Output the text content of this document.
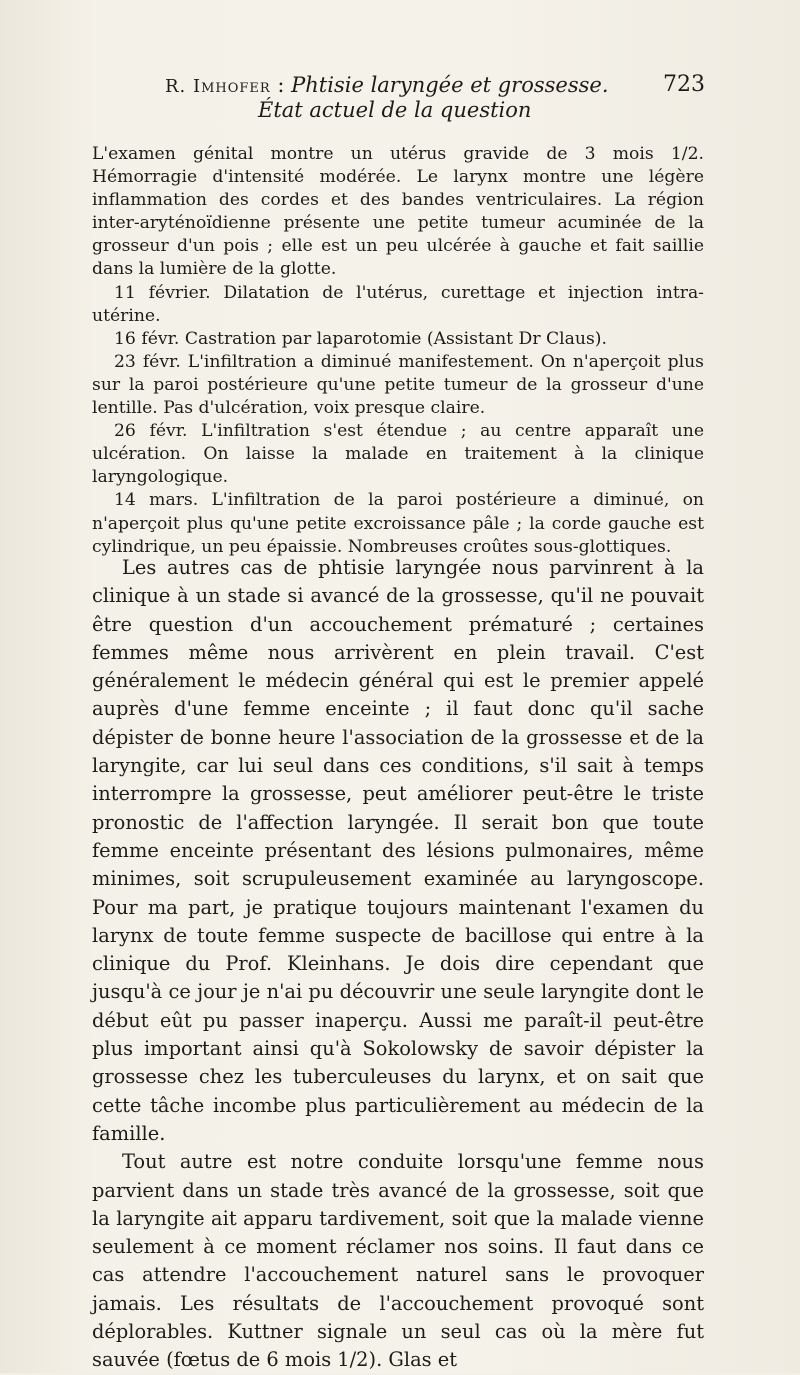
R. Imhofer : Phtisie laryngée et grossesse. 723
État actuel de la question

L'examen génital montre un utérus gravide de 3 mois 1/2. Hémorragie d'intensité modérée. Le larynx montre une légère inflammation des cordes et des bandes ventriculaires. La région inter-aryténoïdienne présente une petite tumeur acuminée de la grosseur d'un pois ; elle est un peu ulcérée à gauche et fait saillie dans la lumière de la glotte.

11 février. Dilatation de l'utérus, curettage et injection intra-utérine.

16 févr. Castration par laparotomie (Assistant Dr Claus).

23 févr. L'infiltration a diminué manifestement. On n'aperçoit plus sur la paroi postérieure qu'une petite tumeur de la grosseur d'une lentille. Pas d'ulcération, voix presque claire.

26 févr. L'infiltration s'est étendue ; au centre apparaît une ulcération. On laisse la malade en traitement à la clinique laryngologique.

14 mars. L'infiltration de la paroi postérieure a diminué, on n'aperçoit plus qu'une petite excroissance pâle ; la corde gauche est cylindrique, un peu épaissie. Nombreuses croûtes sous-glottiques.

Les autres cas de phtisie laryngée nous parvinrent à la clinique à un stade si avancé de la grossesse, qu'il ne pouvait être question d'un accouchement prématuré ; certaines femmes même nous arrivèrent en plein travail. C'est généralement le médecin général qui est le premier appelé auprès d'une femme enceinte ; il faut donc qu'il sache dépister de bonne heure l'association de la grossesse et de la laryngite, car lui seul dans ces conditions, s'il sait à temps interrompre la grossesse, peut améliorer peut-être le triste pronostic de l'affection laryngée. Il serait bon que toute femme enceinte présentant des lésions pulmonaires, même minimes, soit scrupuleusement examinée au laryngoscope. Pour ma part, je pratique toujours maintenant l'examen du larynx de toute femme suspecte de bacillose qui entre à la clinique du Prof. Kleinhans. Je dois dire cependant que jusqu'à ce jour je n'ai pu découvrir une seule laryngite dont le début eût pu passer inaperçu. Aussi me paraît-il peut-être plus important ainsi qu'à Sokolowsky de savoir dépister la grossesse chez les tuberculeuses du larynx, et on sait que cette tâche incombe plus particulièrement au médecin de la famille.

Tout autre est notre conduite lorsqu'une femme nous parvient dans un stade très avancé de la grossesse, soit que la laryngite ait apparu tardivement, soit que la malade vienne seulement à ce moment réclamer nos soins. Il faut dans ce cas attendre l'accouchement naturel sans le provoquer jamais. Les résultats de l'accouchement provoqué sont déplorables. Kuttner signale un seul cas où la mère fut sauvée (fœtus de 6 mois 1/2). Glas et
